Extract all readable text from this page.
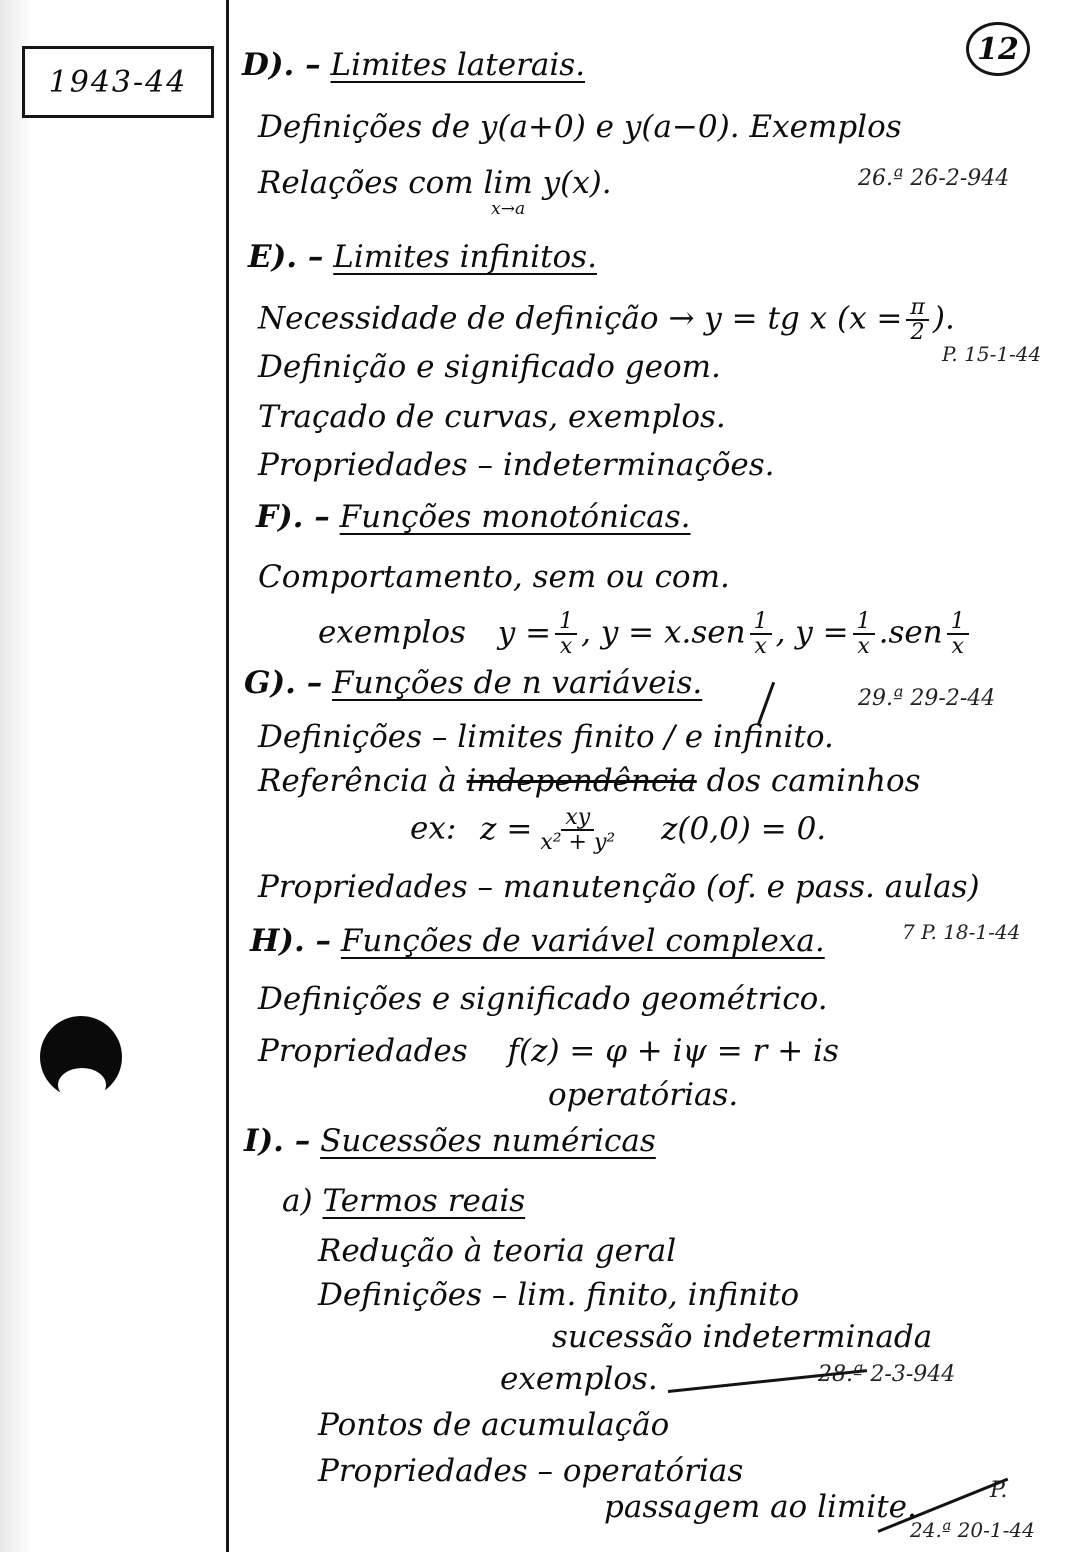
1943-44
12
D). – Limites laterais.
Definições de y(a+0) e y(a−0). Exemplos
Relações com lim
x→a
y(x).	26.ª 26-2-944
E). – Limites infinitos.
Necessidade de definição → y = tg x ($x = \frac{\pi}{2}$ ).
Definição e significado geom.	P. 15-1-44
Traçado de curvas, exemplos.
Propriedades – indeterminações.
F). – Funções monotónicas.
Comportamento, sem ou com.
exemplos $y = \frac{1}{x}$ , $y = x.sen \frac{1}{x}$ , $y = \frac{1}{x} .sen \frac{1}{x}$
G). – Funções de n variáveis.	29.ª 29-2-44
Definições – limites finito / e infinito.
Referência à independência dos caminhos
ex: $z = \frac{xy}{\text{x² + y²}} z(0,0) = 0$.
Propriedades – manutenção (of. e pass. aulas)
H). – Funções de variável complexa.	7 P. 18-1-44
Definições e significado geométrico.
Propriedades f(z) = φ + iψ = r + is
operatórias.
I). – Sucessões numéricas
a) Termos reais
Redução à teoria geral
Definições – lim. finito, infinito
sucessão indeterminada
exemplos.	28.ª 2-3-944
Pontos de acumulação
Propriedades – operatórias
passagem ao limite.	P.
24.ª 20-1-44
